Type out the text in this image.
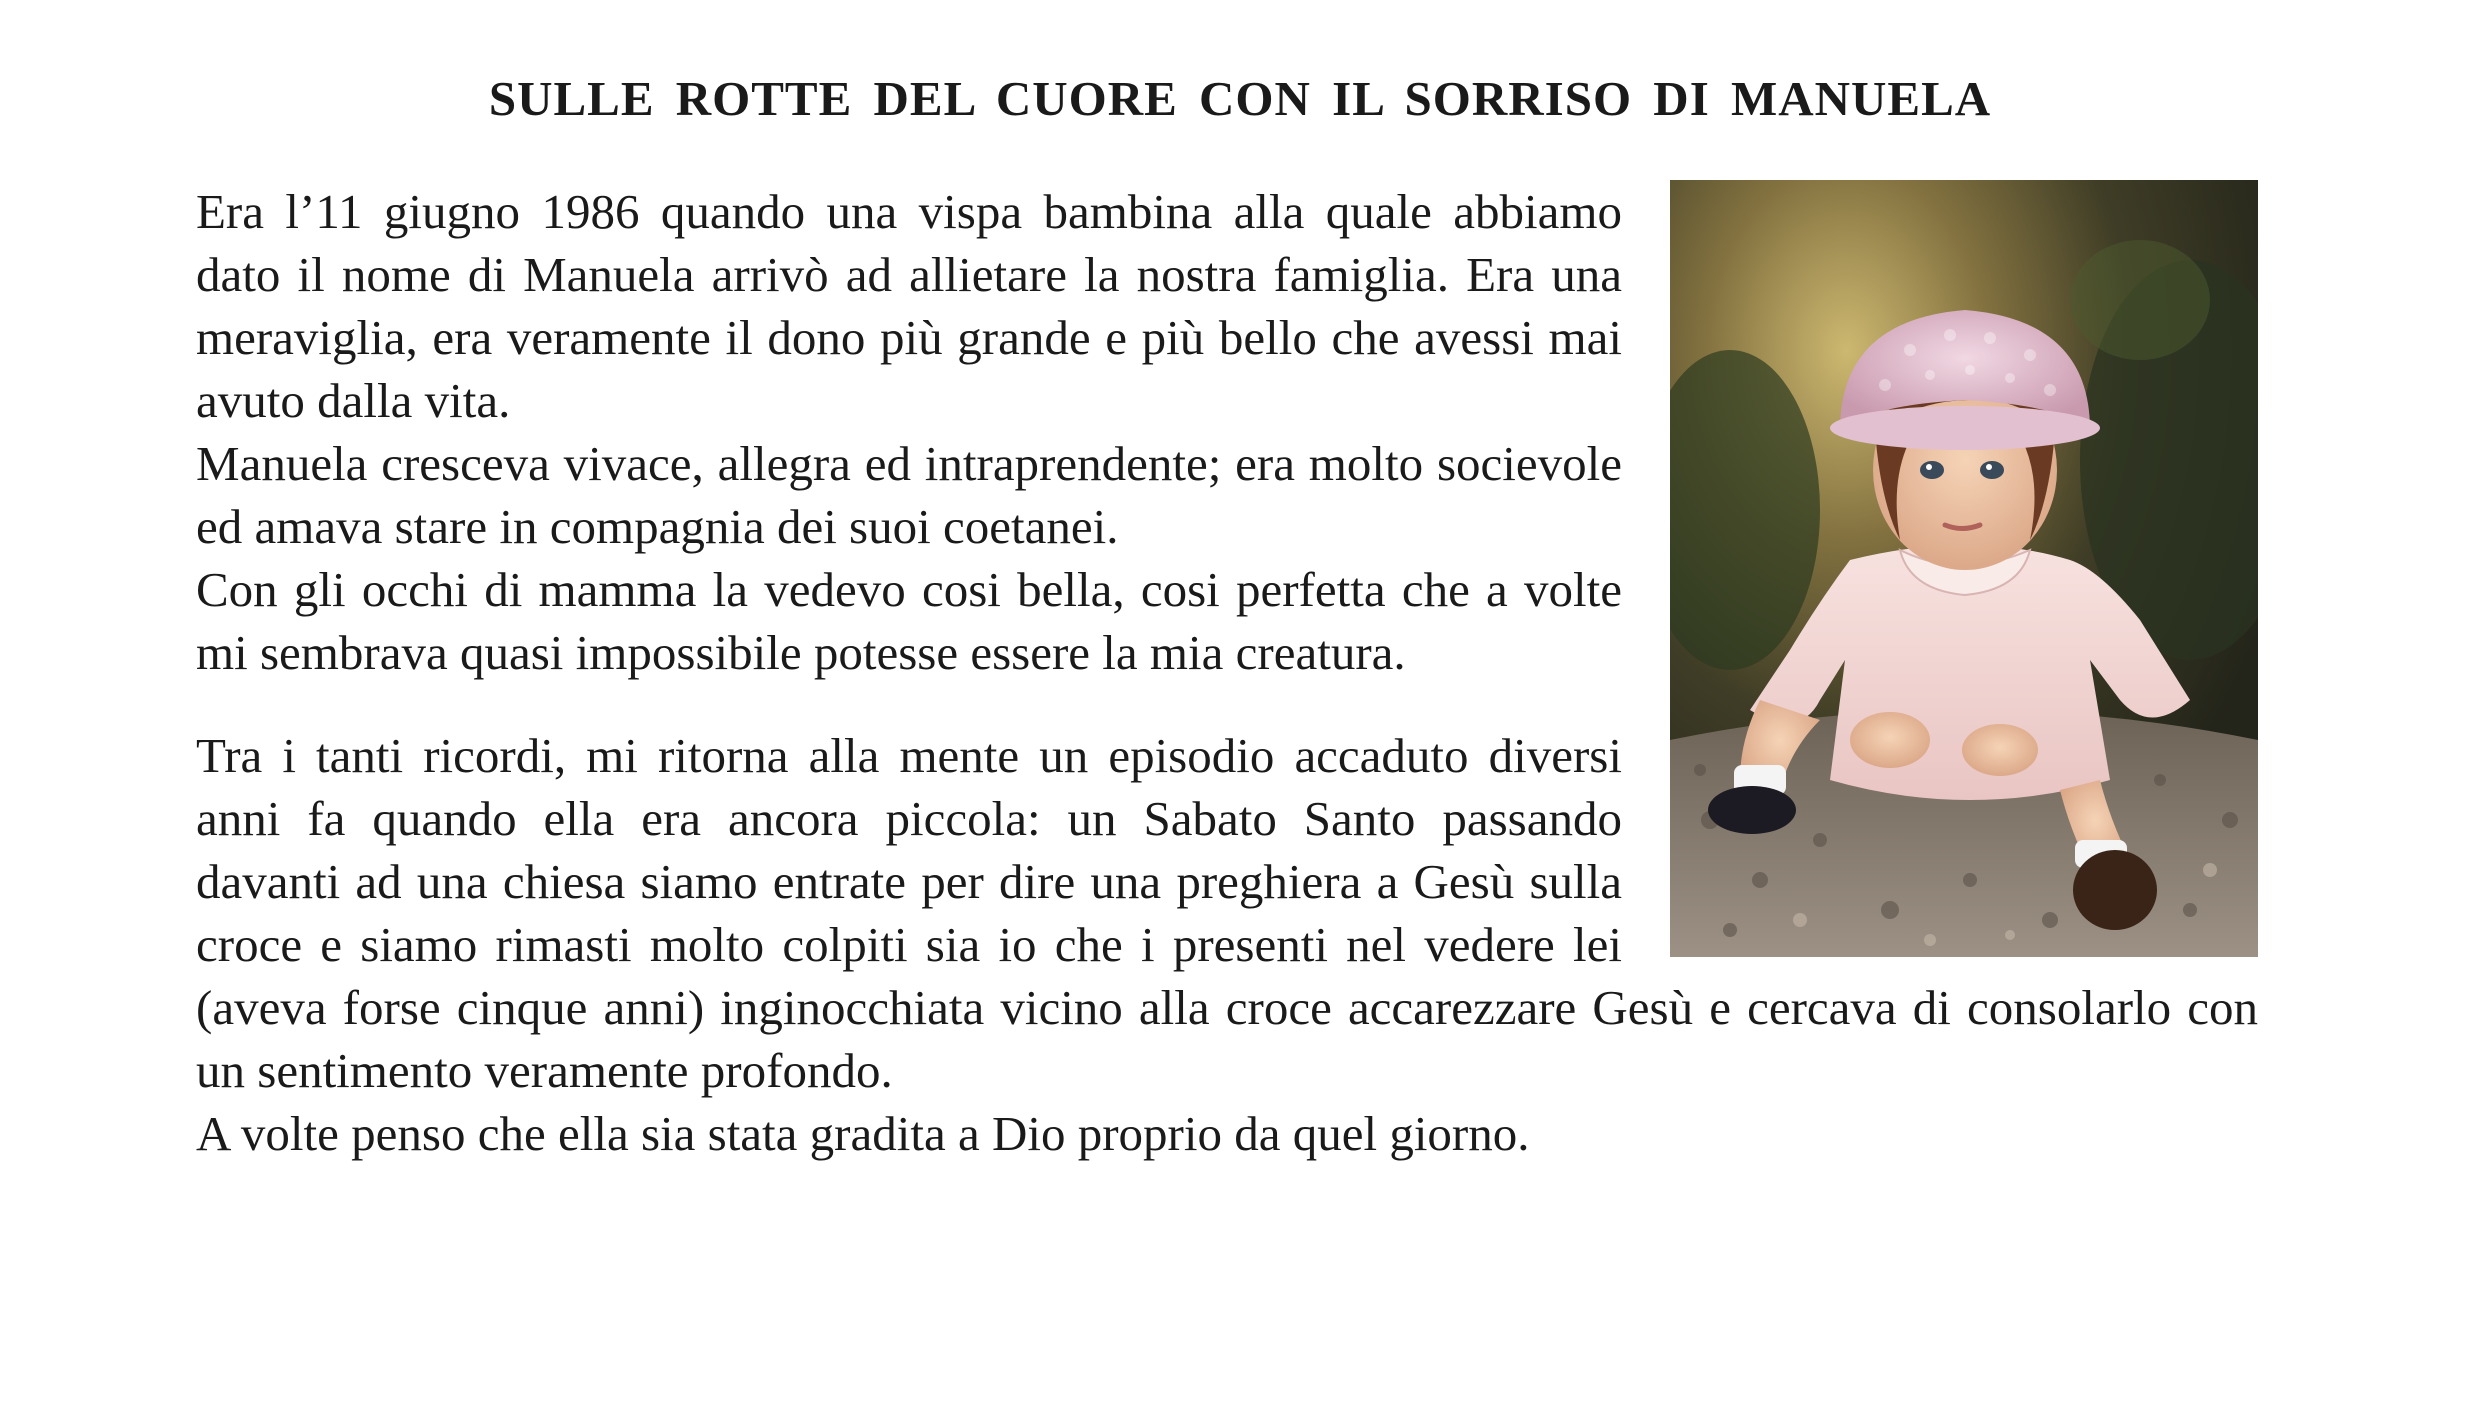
SULLE ROTTE DEL CUORE CON IL SORRISO DI MANUELA

Era l’11 giugno 1986 quando una vispa bambina alla quale abbiamo dato il nome di Manuela arrivò ad allietare la nostra famiglia. Era una meraviglia, era veramente il dono più grande e più bello che avessi mai avuto dalla vita.

Manuela cresceva vivace, allegra ed intraprendente; era molto socievole ed amava stare in compagnia dei suoi coetanei.

Con gli occhi di mamma la vedevo cosi bella, cosi perfetta che a volte mi sembrava quasi impossibile potesse essere la mia creatura.

Tra i tanti ricordi, mi ritorna alla mente un episodio accaduto diversi anni fa quando ella era ancora piccola: un Sabato Santo passando davanti ad una chiesa siamo entrate per dire una preghiera a Gesù sulla croce e siamo rimasti molto colpiti sia io che i presenti nel vedere lei (aveva forse cinque anni) inginocchiata vicino alla croce accarezzare Gesù e cercava di consolarlo con un sentimento veramente profondo.

A volte penso che ella sia stata gradita a Dio proprio da quel giorno.
